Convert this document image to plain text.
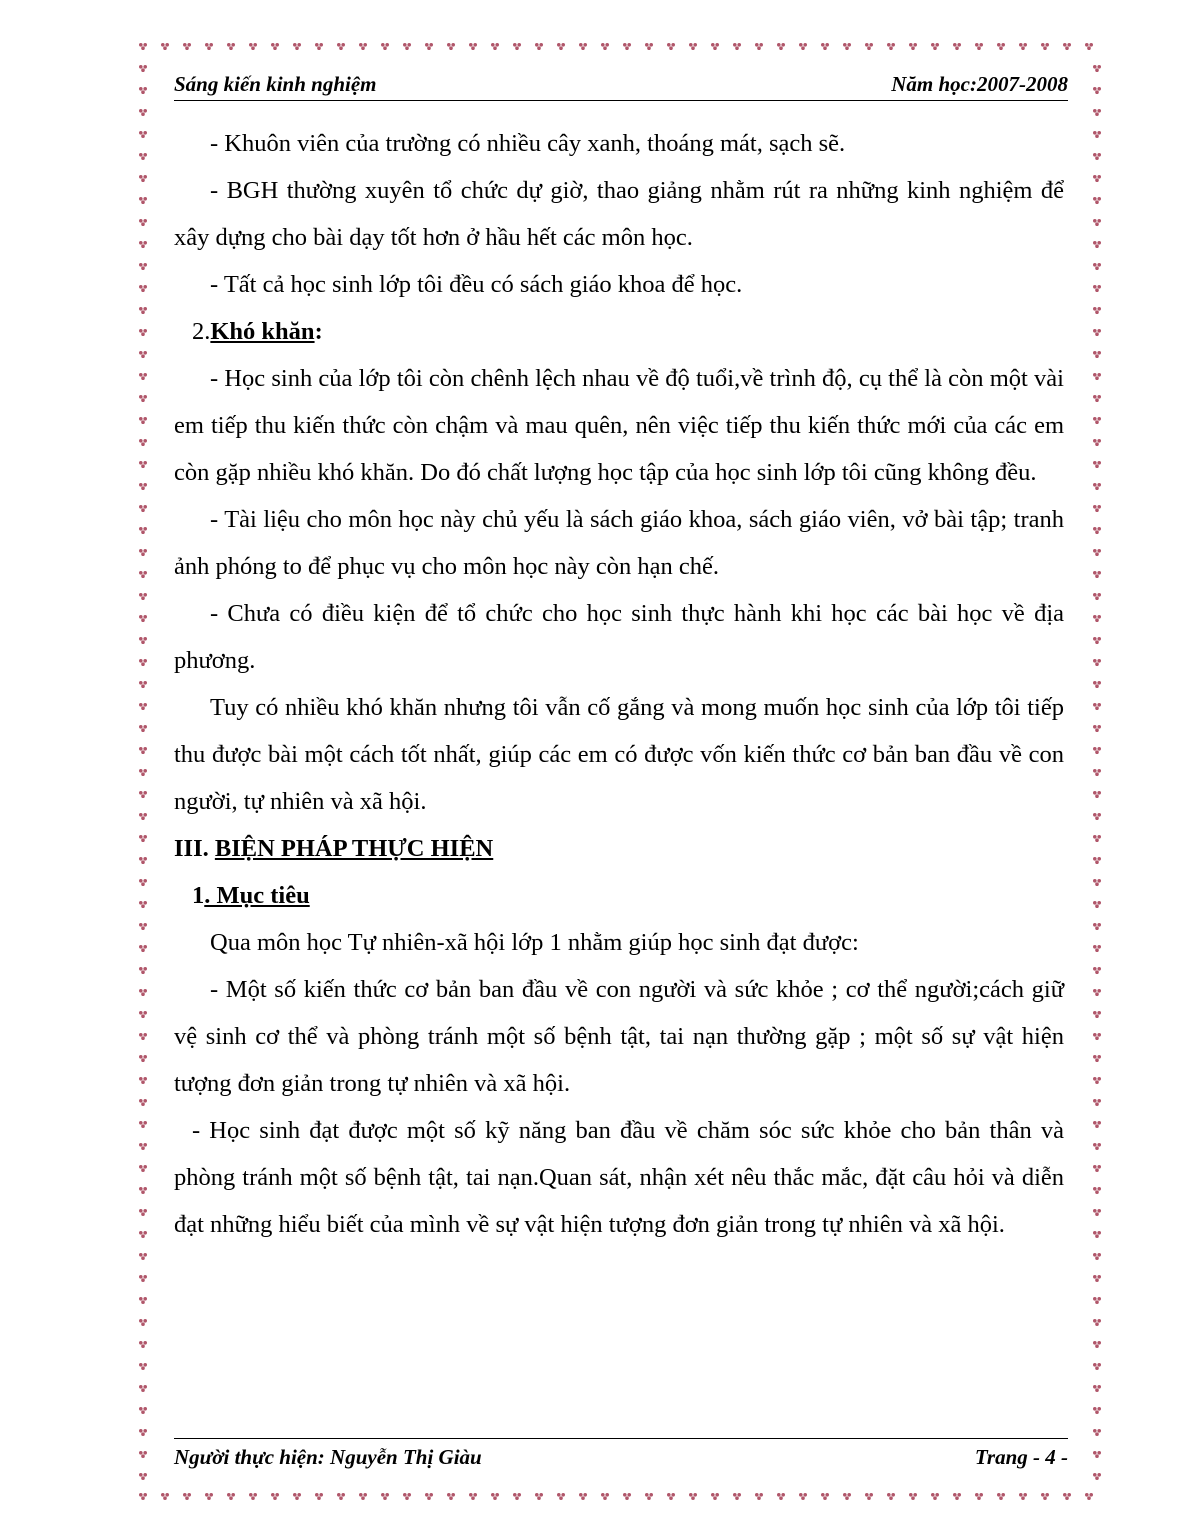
Sáng kiến kinh nghiệm	Năm học:2007-2008

- Khuôn viên của trường có nhiều cây xanh, thoáng mát, sạch sẽ.

- BGH thường xuyên tổ chức dự giờ, thao giảng nhằm rút ra những kinh nghiệm để xây dựng cho bài dạy tốt hơn ở hầu hết các môn học.

- Tất cả học sinh lớp tôi đều có sách giáo khoa để học.

2.Khó khăn:

- Học sinh của lớp tôi còn chênh lệch nhau về độ tuổi,về trình độ, cụ thể là còn một vài em tiếp thu kiến thức còn chậm và mau quên, nên việc tiếp thu kiến thức mới của các em còn gặp nhiều khó khăn. Do đó chất lượng học tập của học sinh lớp tôi cũng không đều.

- Tài liệu cho môn học này chủ yếu là sách giáo khoa, sách giáo viên, vở bài tập; tranh ảnh phóng to để phục vụ cho môn học này còn hạn chế.

- Chưa có điều kiện để tổ chức cho học sinh thực hành khi học các bài học về địa phương.

Tuy có nhiều khó khăn nhưng tôi vẫn cố gắng và mong muốn học sinh của lớp tôi tiếp thu được bài một cách tốt nhất, giúp các em có được vốn kiến thức cơ bản ban đầu về con người, tự nhiên và xã hội.

III. BIỆN PHÁP THỰC HIỆN

1. Mục tiêu

Qua môn học Tự nhiên-xã hội lớp 1 nhằm giúp học sinh đạt được:

- Một số kiến thức cơ bản ban đầu về con người và sức khỏe ; cơ thể người;cách giữ vệ sinh cơ thể và phòng tránh một số bệnh tật, tai nạn thường gặp ; một số sự vật hiện tượng đơn giản trong tự nhiên và xã hội.

- Học sinh đạt được một số kỹ năng ban đầu về chăm sóc sức khỏe cho bản thân và phòng tránh một số bệnh tật, tai nạn.Quan sát, nhận xét nêu thắc mắc, đặt câu hỏi và diễn đạt những hiểu biết của mình về sự vật hiện tượng đơn giản trong tự nhiên và xã hội.

Người thực hiện: Nguyễn Thị Giàu	Trang - 4 -
